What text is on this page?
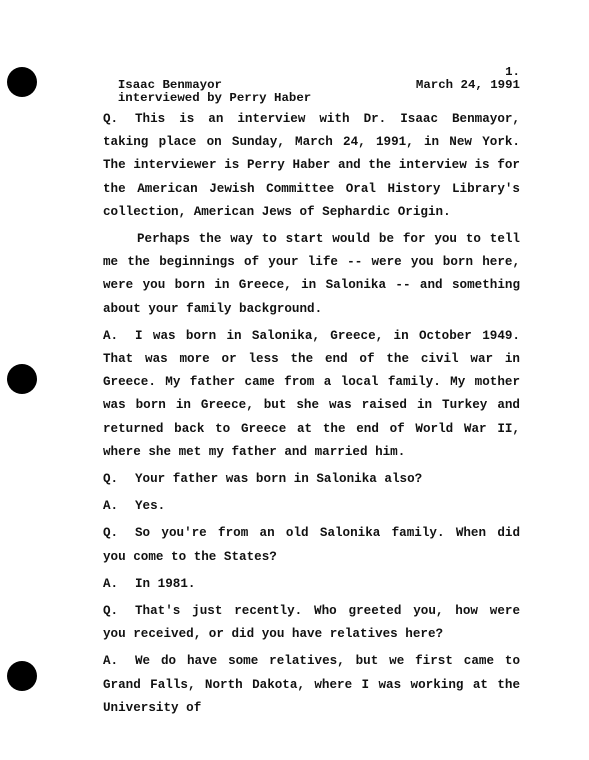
Isaac Benmayor

1.

interviewed by Perry Haber

March 24, 1991

Q. This is an interview with Dr. Isaac Benmayor, taking place on Sunday, March 24, 1991, in New York. The interviewer is Perry Haber and the interview is for the American Jewish Committee Oral History Library's collection, American Jews of Sephardic Origin.

Perhaps the way to start would be for you to tell me the beginnings of your life -- were you born here, were you born in Greece, in Salonika -- and something about your family background.

A. I was born in Salonika, Greece, in October 1949. That was more or less the end of the civil war in Greece. My father came from a local family. My mother was born in Greece, but she was raised in Turkey and returned back to Greece at the end of World War II, where she met my father and married him.

Q. Your father was born in Salonika also?

A. Yes.

Q. So you're from an old Salonika family. When did you come to the States?

A. In 1981.

Q. That's just recently. Who greeted you, how were you received, or did you have relatives here?

A. We do have some relatives, but we first came to Grand Falls, North Dakota, where I was working at the University of
